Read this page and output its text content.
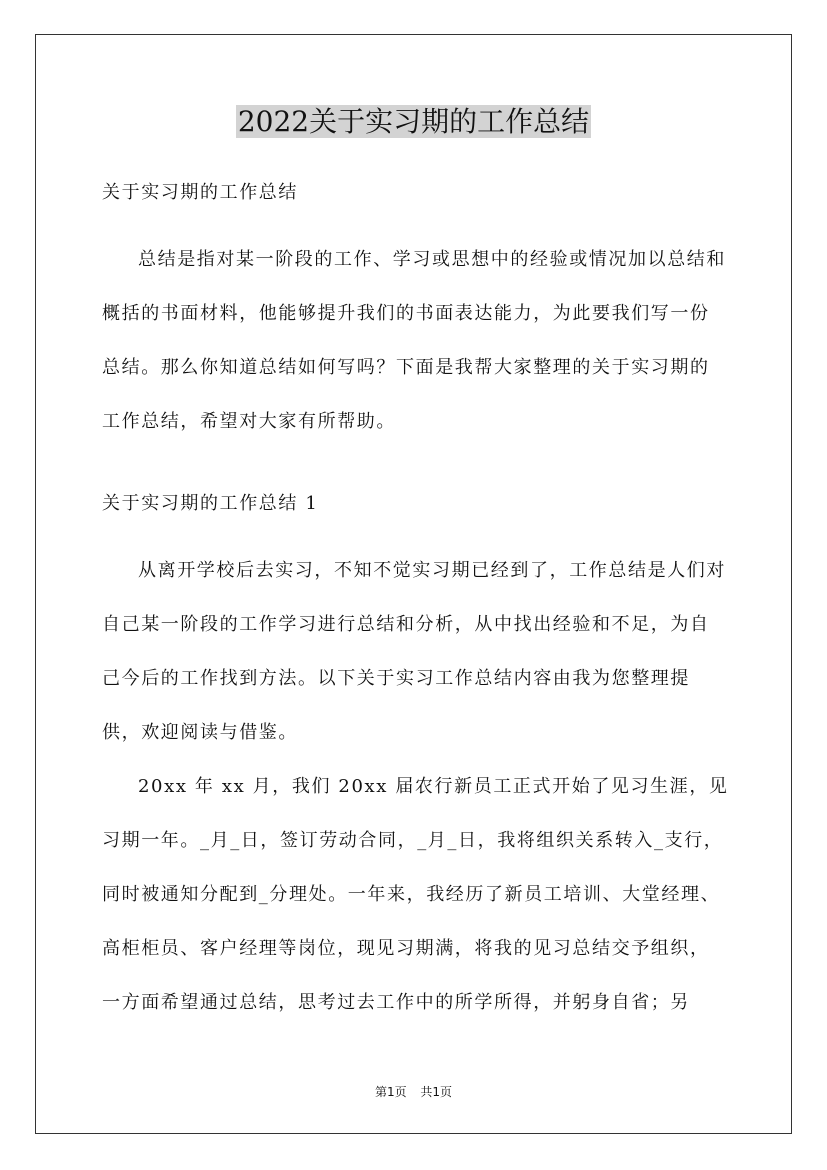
2022关于实习期的工作总结

关于实习期的工作总结

总结是指对某一阶段的工作、学习或思想中的经验或情况加以总结和概括的书面材料，他能够提升我们的书面表达能力，为此要我们写一份总结。那么你知道总结如何写吗？下面是我帮大家整理的关于实习期的工作总结，希望对大家有所帮助。

关于实习期的工作总结 1

从离开学校后去实习，不知不觉实习期已经到了，工作总结是人们对自己某一阶段的工作学习进行总结和分析，从中找出经验和不足，为自己今后的工作找到方法。以下关于实习工作总结内容由我为您整理提供，欢迎阅读与借鉴。

20xx 年 xx 月，我们 20xx 届农行新员工正式开始了见习生涯，见习期一年。_月_日，签订劳动合同，_月_日，我将组织关系转入_支行，同时被通知分配到_分理处。一年来，我经历了新员工培训、大堂经理、高柜柜员、客户经理等岗位，现见习期满，将我的见习总结交予组织，一方面希望通过总结，思考过去工作中的所学所得，并躬身自省；另

第1页 共1页
